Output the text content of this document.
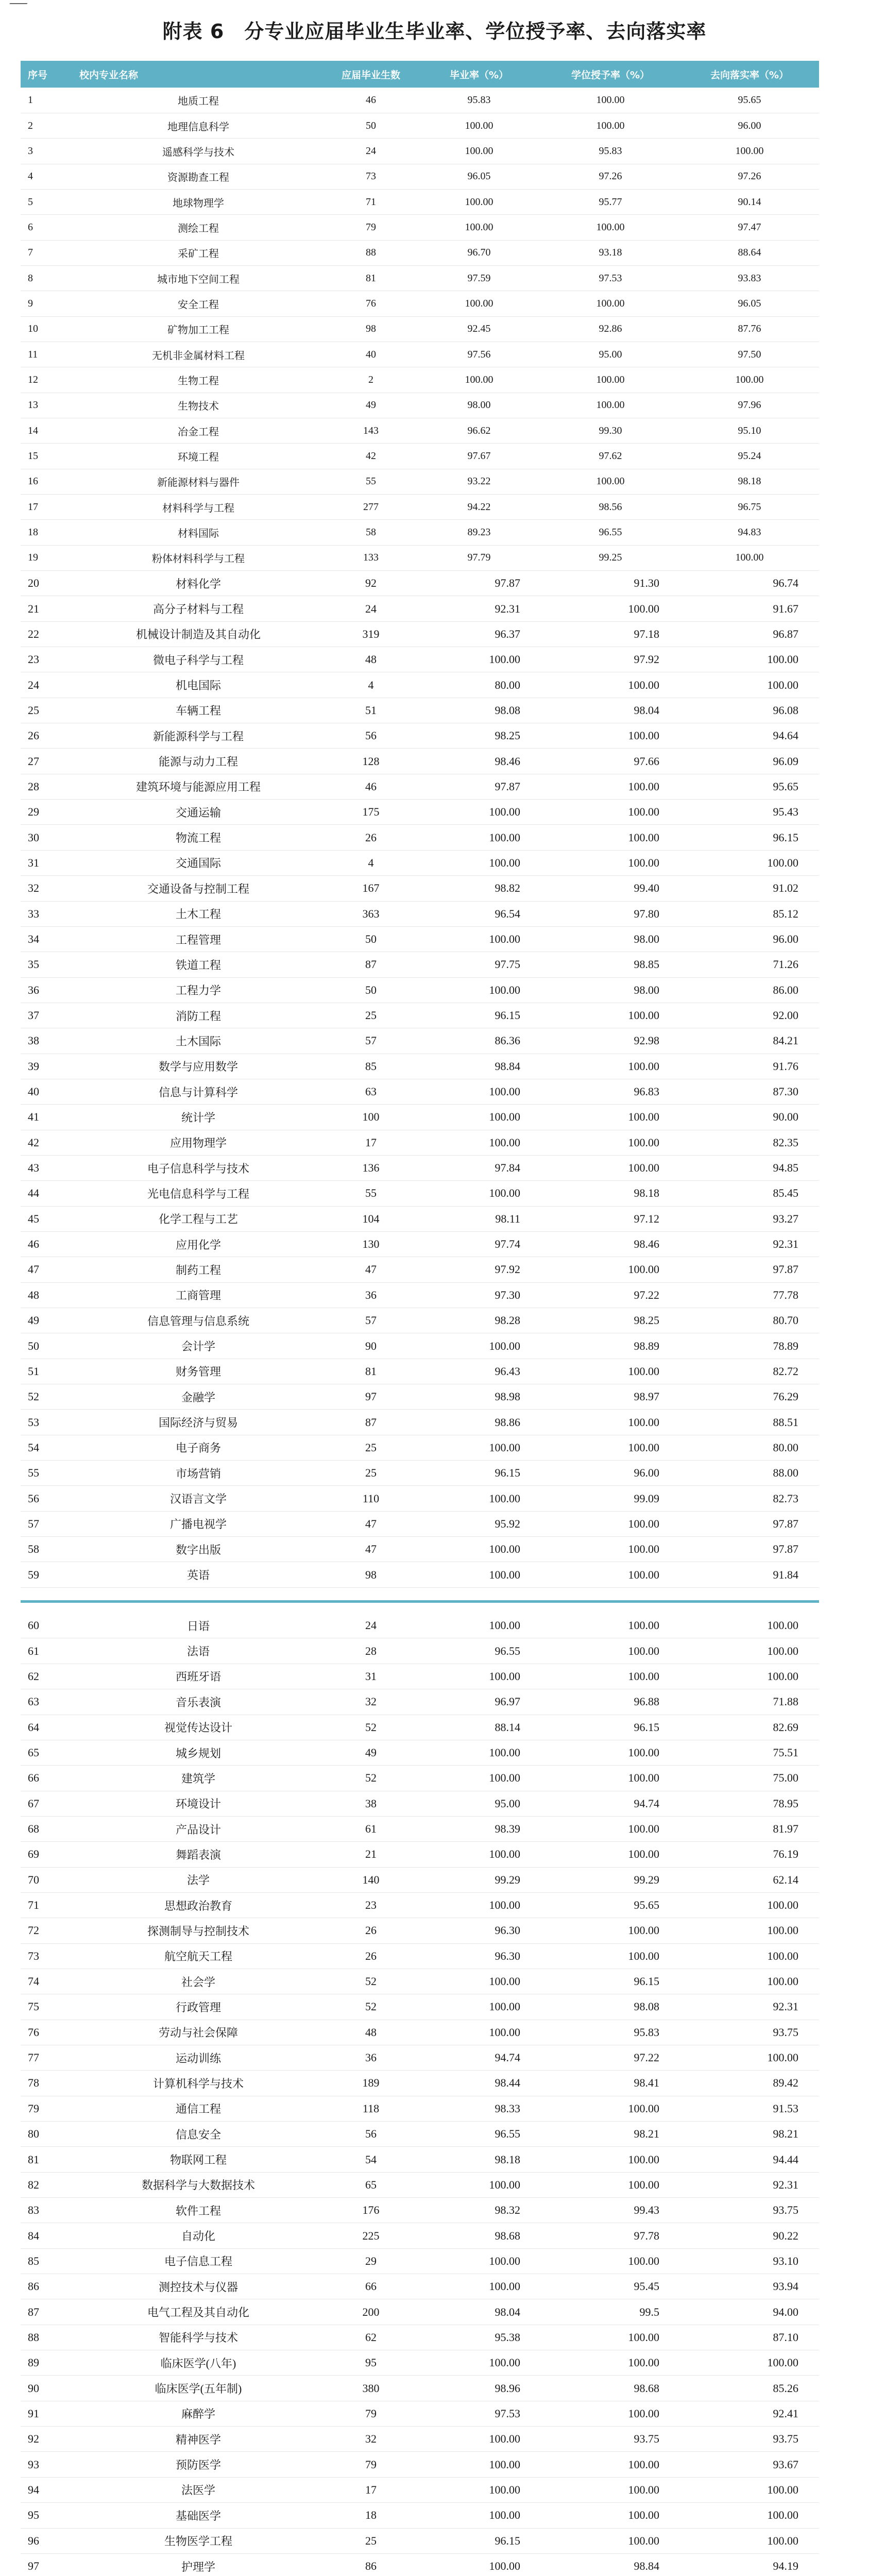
附表 6　分专业应届毕业生毕业率、学位授予率、去向落实率
序号	校内专业名称	应届毕业生数	毕业率（%）	学位授予率（%）	去向落实率（%）
1	地质工程	46	95.83	100.00	95.65
2	地理信息科学	50	100.00	100.00	96.00
3	遥感科学与技术	24	100.00	95.83	100.00
4	资源勘查工程	73	96.05	97.26	97.26
5	地球物理学	71	100.00	95.77	90.14
6	测绘工程	79	100.00	100.00	97.47
7	采矿工程	88	96.70	93.18	88.64
8	城市地下空间工程	81	97.59	97.53	93.83
9	安全工程	76	100.00	100.00	96.05
10	矿物加工工程	98	92.45	92.86	87.76
11	无机非金属材料工程	40	97.56	95.00	97.50
12	生物工程	2	100.00	100.00	100.00
13	生物技术	49	98.00	100.00	97.96
14	冶金工程	143	96.62	99.30	95.10
15	环境工程	42	97.67	97.62	95.24
16	新能源材料与器件	55	93.22	100.00	98.18
17	材料科学与工程	277	94.22	98.56	96.75
18	材料国际	58	89.23	96.55	94.83
19	粉体材料科学与工程	133	97.79	99.25	100.00
20	材料化学	92	97.87	91.30	96.74
21	高分子材料与工程	24	92.31	100.00	91.67
22	机械设计制造及其自动化	319	96.37	97.18	96.87
23	微电子科学与工程	48	100.00	97.92	100.00
24	机电国际	4	80.00	100.00	100.00
25	车辆工程	51	98.08	98.04	96.08
26	新能源科学与工程	56	98.25	100.00	94.64
27	能源与动力工程	128	98.46	97.66	96.09
28	建筑环境与能源应用工程	46	97.87	100.00	95.65
29	交通运输	175	100.00	100.00	95.43
30	物流工程	26	100.00	100.00	96.15
31	交通国际	4	100.00	100.00	100.00
32	交通设备与控制工程	167	98.82	99.40	91.02
33	土木工程	363	96.54	97.80	85.12
34	工程管理	50	100.00	98.00	96.00
35	铁道工程	87	97.75	98.85	71.26
36	工程力学	50	100.00	98.00	86.00
37	消防工程	25	96.15	100.00	92.00
38	土木国际	57	86.36	92.98	84.21
39	数学与应用数学	85	98.84	100.00	91.76
40	信息与计算科学	63	100.00	96.83	87.30
41	统计学	100	100.00	100.00	90.00
42	应用物理学	17	100.00	100.00	82.35
43	电子信息科学与技术	136	97.84	100.00	94.85
44	光电信息科学与工程	55	100.00	98.18	85.45
45	化学工程与工艺	104	98.11	97.12	93.27
46	应用化学	130	97.74	98.46	92.31
47	制药工程	47	97.92	100.00	97.87
48	工商管理	36	97.30	97.22	77.78
49	信息管理与信息系统	57	98.28	98.25	80.70
50	会计学	90	100.00	98.89	78.89
51	财务管理	81	96.43	100.00	82.72
52	金融学	97	98.98	98.97	76.29
53	国际经济与贸易	87	98.86	100.00	88.51
54	电子商务	25	100.00	100.00	80.00
55	市场营销	25	96.15	96.00	88.00
56	汉语言文学	110	100.00	99.09	82.73
57	广播电视学	47	95.92	100.00	97.87
58	数字出版	47	100.00	100.00	97.87
59	英语	98	100.00	100.00	91.84

60	日语	24	100.00	100.00	100.00
61	法语	28	96.55	100.00	100.00
62	西班牙语	31	100.00	100.00	100.00
63	音乐表演	32	96.97	96.88	71.88
64	视觉传达设计	52	88.14	96.15	82.69
65	城乡规划	49	100.00	100.00	75.51
66	建筑学	52	100.00	100.00	75.00
67	环境设计	38	95.00	94.74	78.95
68	产品设计	61	98.39	100.00	81.97
69	舞蹈表演	21	100.00	100.00	76.19
70	法学	140	99.29	99.29	62.14
71	思想政治教育	23	100.00	95.65	100.00
72	探测制导与控制技术	26	96.30	100.00	100.00
73	航空航天工程	26	96.30	100.00	100.00
74	社会学	52	100.00	96.15	100.00
75	行政管理	52	100.00	98.08	92.31
76	劳动与社会保障	48	100.00	95.83	93.75
77	运动训练	36	94.74	97.22	100.00
78	计算机科学与技术	189	98.44	98.41	89.42
79	通信工程	118	98.33	100.00	91.53
80	信息安全	56	96.55	98.21	98.21
81	物联网工程	54	98.18	100.00	94.44
82	数据科学与大数据技术	65	100.00	100.00	92.31
83	软件工程	176	98.32	99.43	93.75
84	自动化	225	98.68	97.78	90.22
85	电子信息工程	29	100.00	100.00	93.10
86	测控技术与仪器	66	100.00	95.45	93.94
87	电气工程及其自动化	200	98.04	99.5	94.00
88	智能科学与技术	62	95.38	100.00	87.10
89	临床医学(八年)	95	100.00	100.00	100.00
90	临床医学(五年制)	380	98.96	98.68	85.26
91	麻醉学	79	97.53	100.00	92.41
92	精神医学	32	100.00	93.75	93.75
93	预防医学	79	100.00	100.00	93.67
94	法医学	17	100.00	100.00	100.00
95	基础医学	18	100.00	100.00	100.00
96	生物医学工程	25	96.15	100.00	100.00
97	护理学	86	100.00	98.84	94.19
